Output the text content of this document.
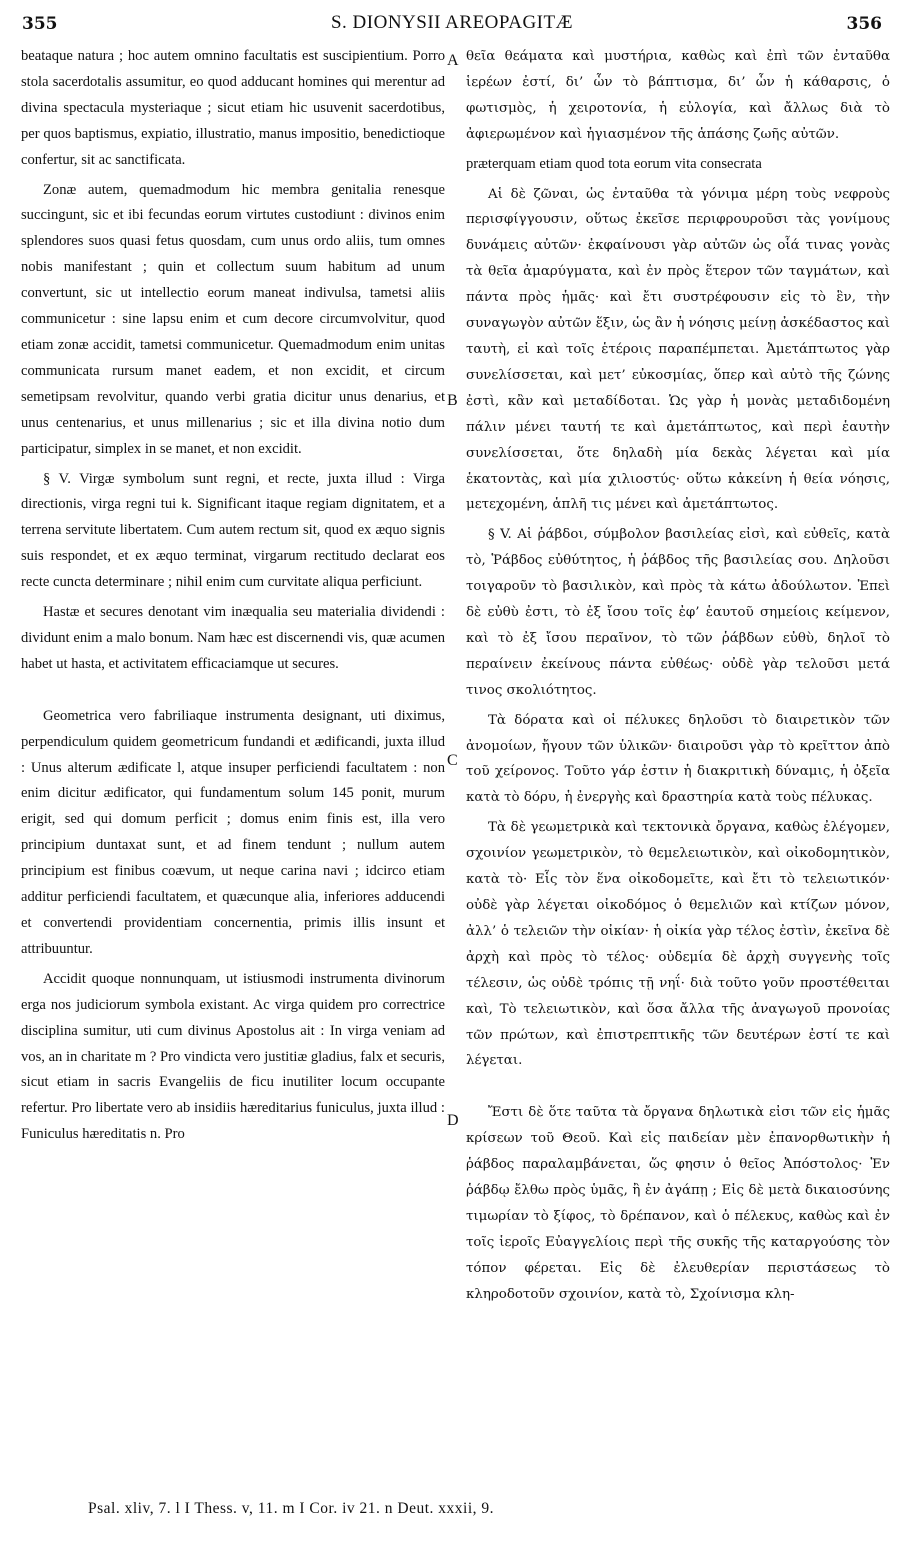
355	S. DIONYSII AREOPAGITÆ	356

beataque natura ; hoc autem omnino facultatis est suscipientium. Porro stola sacerdotalis assumitur, eo quod adducant homines qui merentur ad divina spectacula mysteriaque ; sicut etiam hic usuvenit sacerdotibus, per quos baptismus, expiatio, illustratio, manus impositio, benedictioque confertur, sit ac sanctificata.

Zonæ autem, quemadmodum hic membra genitalia renesque succingunt, sic et ibi fecundas eorum virtutes custodiunt : divinos enim splendores suos quasi fetus quosdam, cum unus ordo aliis, tum omnes nobis manifestant ; quin et collectum suum habitum ad unum convertunt, sic ut intellectio eorum maneat indivulsa, tametsi aliis communicetur : sine lapsu enim et cum decore circumvolvitur, quod etiam zonæ accidit, tametsi communicetur. Quemadmodum enim unitas communicata rursum manet eadem, et non excidit, et circum semetipsam revolvitur, quando verbi gratia dicitur unus denarius, et unus centenarius, et unus millenarius ; sic et illa divina notio dum participatur, simplex in se manet, et non excidit.

§ V. Virgæ symbolum sunt regni, et recte, juxta illud : Virga directionis, virga regni tui k. Significant itaque regiam dignitatem, et a terrena servitute libertatem. Cum autem rectum sit, quod ex æquo signis suis respondet, et ex æquo terminat, virgarum rectitudo declarat eos recte cuncta determinare ; nihil enim cum curvitate aliqua perficiunt.

Hastæ et secures denotant vim inæqualia seu materialia dividendi : dividunt enim a malo bonum. Nam hæc est discernendi vis, quæ acumen habet ut hasta, et activitatem efficaciamque ut secures.

Geometrica vero fabriliaque instrumenta designant, uti diximus, perpendiculum quidem geometricum fundandi et ædificandi, juxta illud : Unus alterum ædificate l, atque insuper perficiendi facultatem : non enim dicitur ædificator, qui fundamentum solum 145 ponit, murum erigit, sed qui domum perficit ; domus enim finis est, illa vero principium duntaxat sunt, et ad finem tendunt ; nullum autem principium est finibus coævum, ut neque carina navi ; idcirco etiam additur perficiendi facultatem, et quæcunque alia, inferiores adducendi et convertendi providentiam concernentia, primis illis insunt et attribuuntur.

Accidit quoque nonnunquam, ut istiusmodi instrumenta divinorum erga nos judiciorum symbola existant. Ac virga quidem pro correctrice disciplina sumitur, uti cum divinus Apostolus ait : In virga veniam ad vos, an in charitate m ? Pro vindicta vero justitiæ gladius, falx et securis, sicut etiam in sacris Evangeliis de ficu inutiliter locum occupante refertur. Pro libertate vero ab insidiis hæreditarius funiculus, juxta illud : Funiculus hæreditatis n. Pro

A
B
C
D

θεῖα θεάματα καὶ μυστήρια, καθὼς καὶ ἐπὶ τῶν ἐνταῦθα ἱερέων ἐστί, δι’ ὧν τὸ βάπτισμα, δι’ ὧν ἡ κάθαρσις, ὁ φωτισμὸς, ἡ χειροτονία, ἡ εὐλογία, καὶ ἄλλως διὰ τὸ ἀφιερωμένον καὶ ἡγιασμένον τῆς ἁπάσης ζωῆς αὐτῶν.

præterquam etiam quod tota eorum vita consecrata

Αἱ δὲ ζῶναι, ὡς ἐνταῦθα τὰ γόνιμα μέρη τοὺς νεφροὺς περισφίγγουσιν, οὕτως ἐκεῖσε περιφρουροῦσι τὰς γονίμους δυνάμεις αὐτῶν· ἐκφαίνουσι γὰρ αὐτῶν ὡς οἷά τινας γονὰς τὰ θεῖα ἀμαρύγματα, καὶ ἐν πρὸς ἕτερον τῶν ταγμάτων, καὶ πάντα πρὸς ἡμᾶς· καὶ ἔτι συστρέφουσιν εἰς τὸ ἓν, τὴν συναγωγὸν αὐτῶν ἕξιν, ὡς ἂν ἡ νόησις μείνῃ ἀσκέδαστος καὶ ταυτὴ, εἰ καὶ τοῖς ἑτέροις παραπέμπεται. Ἀμετάπτωτος γὰρ συνελίσσεται, καὶ μετ’ εὐκοσμίας, ὅπερ καὶ αὐτὸ τῆς ζώνης ἐστὶ, κἂν καὶ μεταδίδοται. Ὡς γὰρ ἡ μονὰς μεταδιδομένη πάλιν μένει ταυτή τε καὶ ἀμετάπτωτος, καὶ περὶ ἑαυτὴν συνελίσσεται, ὅτε δηλαδὴ μία δεκὰς λέγεται καὶ μία ἑκατοντὰς, καὶ μία χιλιοστύς· οὕτω κἀκείνη ἡ θεία νόησις, μετεχομένη, ἁπλῆ τις μένει καὶ ἀμετάπτωτος.

§ V. Αἱ ῥάβδοι, σύμβολον βασιλείας εἰσὶ, καὶ εὐθεῖς, κατὰ τὸ, Ῥάβδος εὐθύτητος, ἡ ῥάβδος τῆς βασιλείας σου. Δηλοῦσι τοιγαροῦν τὸ βασιλικὸν, καὶ πρὸς τὰ κάτω ἀδούλωτον. Ἐπεὶ δὲ εὐθὺ ἐστι, τὸ ἐξ ἴσου τοῖς ἐφ’ ἑαυτοῦ σημείοις κείμενον, καὶ τὸ ἐξ ἴσου περαῖνον, τὸ τῶν ῥάβδων εὐθὺ, δηλοῖ τὸ περαίνειν ἐκείνους πάντα εὐθέως· οὐδὲ γὰρ τελοῦσι μετά τινος σκολιότητος.

Τὰ δόρατα καὶ οἱ πέλυκες δηλοῦσι τὸ διαιρετικὸν τῶν ἀνομοίων, ἤγουν τῶν ὑλικῶν· διαιροῦσι γὰρ τὸ κρεῖττον ἀπὸ τοῦ χείρονος. Τοῦτο γάρ ἐστιν ἡ διακριτικὴ δύναμις, ἡ ὀξεῖα κατὰ τὸ δόρυ, ἡ ἐνεργὴς καὶ δραστηρία κατὰ τοὺς πέλυκας.

Τὰ δὲ γεωμετρικὰ καὶ τεκτονικὰ ὄργανα, καθὼς ἐλέγομεν, σχοινίον γεωμετρικὸν, τὸ θεμελειωτικὸν, καὶ οἰκοδομητικὸν, κατὰ τὸ· Εἷς τὸν ἕνα οἰκοδομεῖτε, καὶ ἔτι τὸ τελειωτικόν· οὐδὲ γὰρ λέγεται οἰκοδόμος ὁ θεμελιῶν καὶ κτίζων μόνον, ἀλλ’ ὁ τελειῶν τὴν οἰκίαν· ἡ οἰκία γὰρ τέλος ἐστὶν, ἐκεῖνα δὲ ἀρχὴ καὶ πρὸς τὸ τέλος· οὐδεμία δὲ ἀρχὴ συγγενὴς τοῖς τέλεσιν, ὡς οὐδὲ τρόπις τῇ νηΐ· διὰ τοῦτο γοῦν προστέθειται καὶ, Τὸ τελειωτικὸν, καὶ ὅσα ἄλλα τῆς ἀναγωγοῦ προνοίας τῶν πρώτων, καὶ ἐπιστρεπτικῆς τῶν δευτέρων ἐστί τε καὶ λέγεται.

Ἔστι δὲ ὅτε ταῦτα τὰ ὄργανα δηλωτικὰ εἰσι τῶν εἰς ἡμᾶς κρίσεων τοῦ Θεοῦ. Καὶ εἰς παιδείαν μὲν ἐπανορθωτικὴν ἡ ῥάβδος παραλαμβάνεται, ὥς φησιν ὁ θεῖος Ἀπόστολος· Ἐν ῥάβδῳ ἔλθω πρὸς ὑμᾶς, ἢ ἐν ἀγάπῃ ; Εἰς δὲ μετὰ δικαιοσύνης τιμωρίαν τὸ ξίφος, τὸ δρέπανον, καὶ ὁ πέλεκυς, καθὼς καὶ ἐν τοῖς ἱεροῖς Εὐαγγελίοις περὶ τῆς συκῆς τῆς καταργούσης τὸν τόπον φέρεται. Εἰς δὲ ἐλευθερίαν περιστάσεως τὸ κληροδοτοῦν σχοινίον, κατὰ τὸ, Σχοίνισμα κλη-

Psal. xliv, 7. l I Thess. v, 11. m I Cor. iv 21. n Deut. xxxii, 9.
